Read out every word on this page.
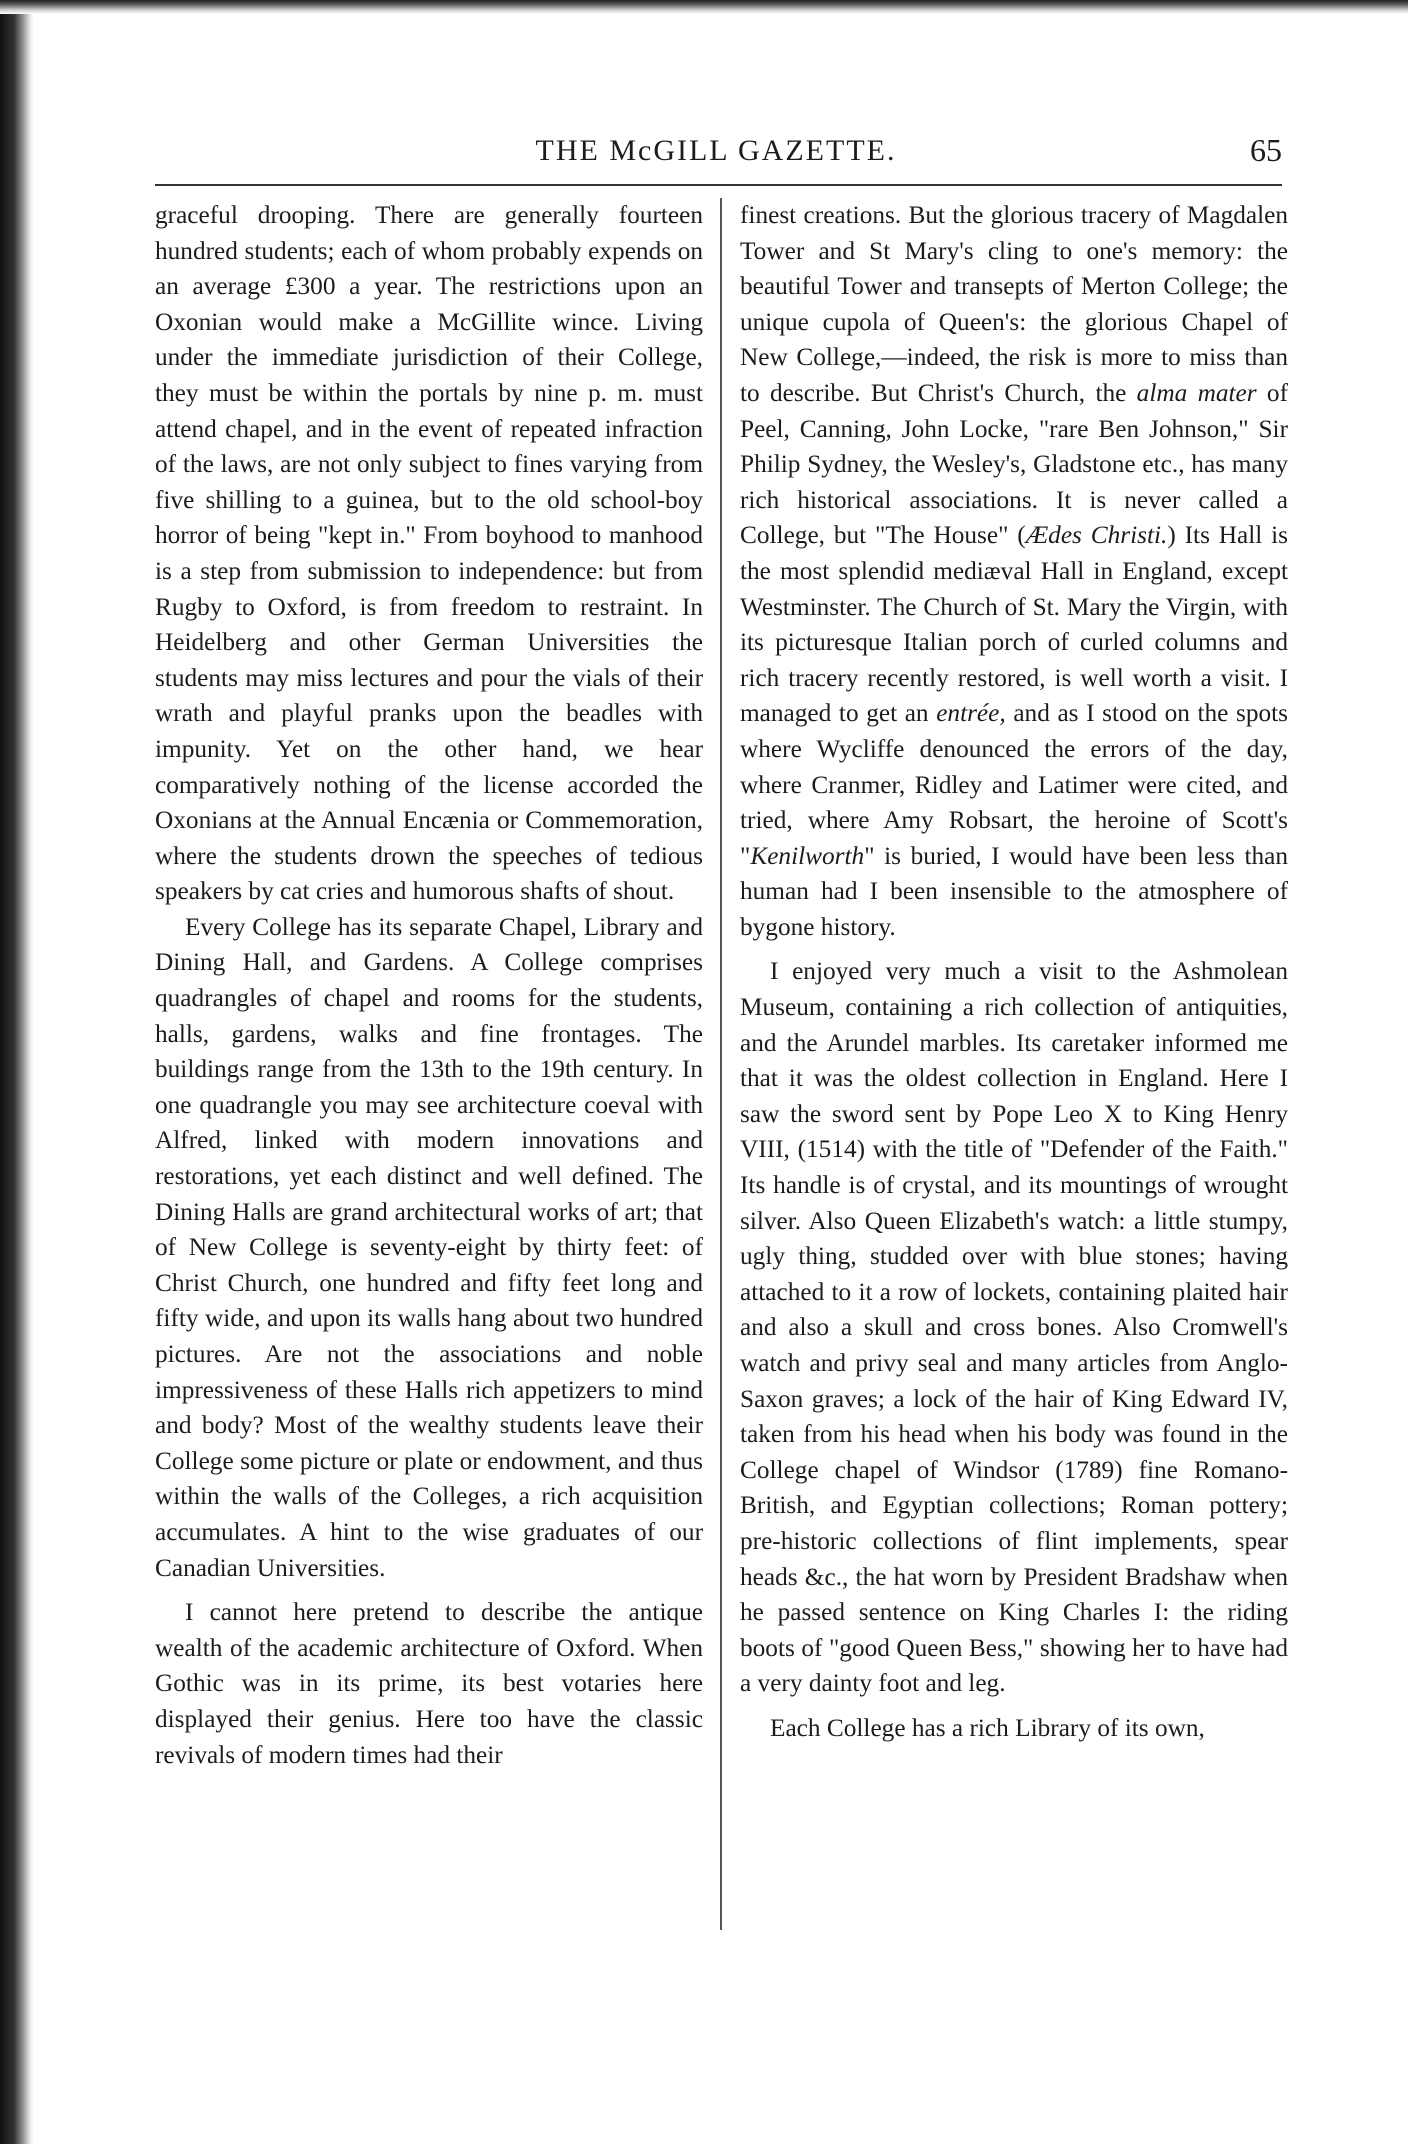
THE McGILL GAZETTE.	65

graceful drooping. There are generally fourteen hundred students; each of whom probably expends on an average £300 a year. The restrictions upon an Oxonian would make a McGillite wince. Living under the immediate jurisdiction of their College, they must be within the portals by nine p. m. must attend chapel, and in the event of repeated infraction of the laws, are not only subject to fines varying from five shilling to a guinea, but to the old school-boy horror of being "kept in." From boyhood to manhood is a step from submission to independence: but from Rugby to Oxford, is from freedom to restraint. In Heidelberg and other German Universities the students may miss lectures and pour the vials of their wrath and playful pranks upon the beadles with impunity. Yet on the other hand, we hear comparatively nothing of the license accorded the Oxonians at the Annual Encænia or Commemoration, where the students drown the speeches of tedious speakers by cat cries and humorous shafts of shout.

Every College has its separate Chapel, Library and Dining Hall, and Gardens. A College comprises quadrangles of chapel and rooms for the students, halls, gardens, walks and fine frontages. The buildings range from the 13th to the 19th century. In one quadrangle you may see architecture coeval with Alfred, linked with modern innovations and restorations, yet each distinct and well defined. The Dining Halls are grand architectural works of art; that of New College is seventy-eight by thirty feet: of Christ Church, one hundred and fifty feet long and fifty wide, and upon its walls hang about two hundred pictures. Are not the associations and noble impressiveness of these Halls rich appetizers to mind and body? Most of the wealthy students leave their College some picture or plate or endowment, and thus within the walls of the Colleges, a rich acquisition accumulates. A hint to the wise graduates of our Canadian Universities.

I cannot here pretend to describe the antique wealth of the academic architecture of Oxford. When Gothic was in its prime, its best votaries here displayed their genius. Here too have the classic revivals of modern times had their

finest creations. But the glorious tracery of Magdalen Tower and St Mary's cling to one's memory: the beautiful Tower and transepts of Merton College; the unique cupola of Queen's: the glorious Chapel of New College,—indeed, the risk is more to miss than to describe. But Christ's Church, the alma mater of Peel, Canning, John Locke, "rare Ben Johnson," Sir Philip Sydney, the Wesley's, Gladstone etc., has many rich historical associations. It is never called a College, but "The House" (Ædes Christi.) Its Hall is the most splendid mediæval Hall in England, except Westminster. The Church of St. Mary the Virgin, with its picturesque Italian porch of curled columns and rich tracery recently restored, is well worth a visit. I managed to get an entrée, and as I stood on the spots where Wycliffe denounced the errors of the day, where Cranmer, Ridley and Latimer were cited, and tried, where Amy Robsart, the heroine of Scott's "Kenilworth" is buried, I would have been less than human had I been insensible to the atmosphere of bygone history.

I enjoyed very much a visit to the Ashmolean Museum, containing a rich collection of antiquities, and the Arundel marbles. Its caretaker informed me that it was the oldest collection in England. Here I saw the sword sent by Pope Leo X to King Henry VIII, (1514) with the title of "Defender of the Faith." Its handle is of crystal, and its mountings of wrought silver. Also Queen Elizabeth's watch: a little stumpy, ugly thing, studded over with blue stones; having attached to it a row of lockets, containing plaited hair and also a skull and cross bones. Also Cromwell's watch and privy seal and many articles from Anglo-Saxon graves; a lock of the hair of King Edward IV, taken from his head when his body was found in the College chapel of Windsor (1789) fine Romano-British, and Egyptian collections; Roman pottery; pre-historic collections of flint implements, spear heads &c., the hat worn by President Bradshaw when he passed sentence on King Charles I: the riding boots of "good Queen Bess," showing her to have had a very dainty foot and leg.

Each College has a rich Library of its own,
